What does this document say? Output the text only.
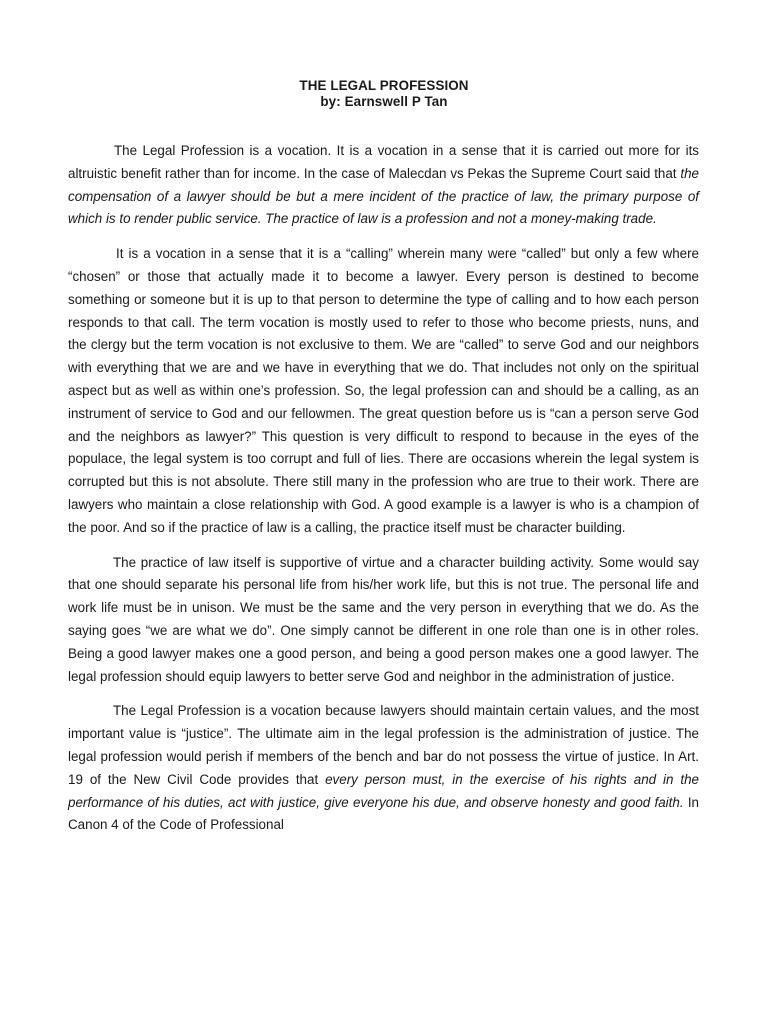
THE LEGAL PROFESSION
by: Earnswell P Tan

The Legal Profession is a vocation. It is a vocation in a sense that it is carried out more for its altruistic benefit rather than for income. In the case of Malecdan vs Pekas the Supreme Court said that the compensation of a lawyer should be but a mere incident of the practice of law, the primary purpose of which is to render public service. The practice of law is a profession and not a money-making trade.

It is a vocation in a sense that it is a “calling” wherein many were “called” but only a few where “chosen” or those that actually made it to become a lawyer. Every person is destined to become something or someone but it is up to that person to determine the type of calling and to how each person responds to that call. The term vocation is mostly used to refer to those who become priests, nuns, and the clergy but the term vocation is not exclusive to them. We are “called” to serve God and our neighbors with everything that we are and we have in everything that we do. That includes not only on the spiritual aspect but as well as within one’s profession. So, the legal profession can and should be a calling, as an instrument of service to God and our fellowmen. The great question before us is “can a person serve God and the neighbors as lawyer?” This question is very difficult to respond to because in the eyes of the populace, the legal system is too corrupt and full of lies. There are occasions wherein the legal system is corrupted but this is not absolute. There still many in the profession who are true to their work. There are lawyers who maintain a close relationship with God. A good example is a lawyer is who is a champion of the poor. And so if the practice of law is a calling, the practice itself must be character building.

The practice of law itself is supportive of virtue and a character building activity. Some would say that one should separate his personal life from his/her work life, but this is not true. The personal life and work life must be in unison. We must be the same and the very person in everything that we do. As the saying goes “we are what we do”. One simply cannot be different in one role than one is in other roles. Being a good lawyer makes one a good person, and being a good person makes one a good lawyer. The legal profession should equip lawyers to better serve God and neighbor in the administration of justice.

The Legal Profession is a vocation because lawyers should maintain certain values, and the most important value is “justice”. The ultimate aim in the legal profession is the administration of justice. The legal profession would perish if members of the bench and bar do not possess the virtue of justice. In Art. 19 of the New Civil Code provides that every person must, in the exercise of his rights and in the performance of his duties, act with justice, give everyone his due, and observe honesty and good faith. In Canon 4 of the Code of Professional
